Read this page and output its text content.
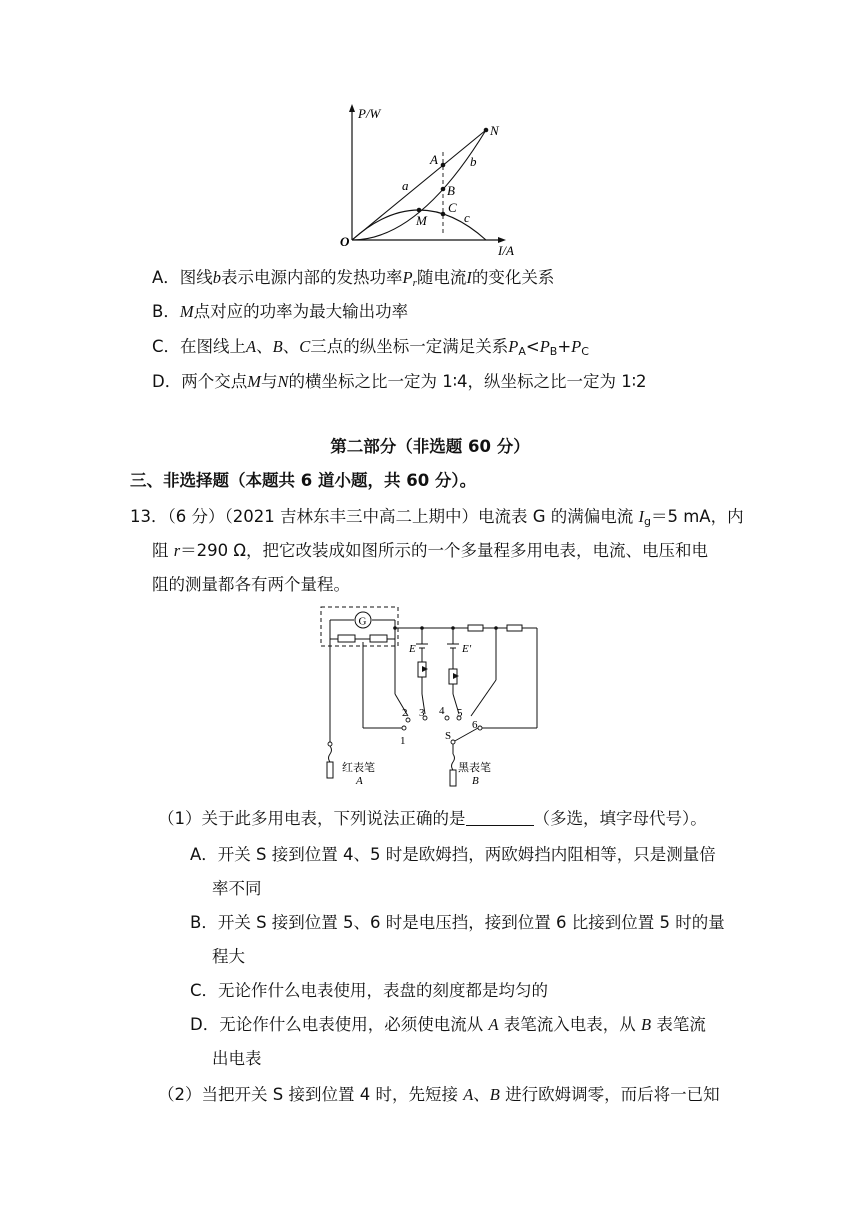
P/W
I/A
O
N
A
B
C
M
a
b
c
A．图线b表示电源内部的发热功率$P_r$随电流I的变化关系
B．M点对应的功率为最大输出功率
C．在图线上A、B、C三点的纵坐标一定满足关系$P_A<P_B+P_C$
D．两个交点M与N的横坐标之比一定为 1∶4，纵坐标之比一定为 1∶2
第二部分（非选题 60 分）
三、非选择题（本题共 6 道小题，共 60 分）。
13．（6 分）（2021 吉林东丰三中高二上期中）电流表 G 的满偏电流 $I_g=5$ mA，内
阻 r＝290 Ω，把它改装成如图所示的一个多量程多用电表，电流、电压和电
阻的测量都各有两个量程。
G
E	E′
2 3 4 5
6
1	S
红表笔
A
黑表笔
B
（1）关于此多用电表，下列说法正确的是	（多选，填字母代号）。
A．开关 S 接到位置 4、5 时是欧姆挡，两欧姆挡内阻相等，只是测量倍
率不同
B．开关 S 接到位置 5、6 时是电压挡，接到位置 6 比接到位置 5 时的量
程大
C．无论作什么电表使用，表盘的刻度都是均匀的
D．无论作什么电表使用，必须使电流从 A 表笔流入电表，从 B 表笔流
出电表
（2）当把开关 S 接到位置 4 时，先短接 A、B 进行欧姆调零，而后将一已知
